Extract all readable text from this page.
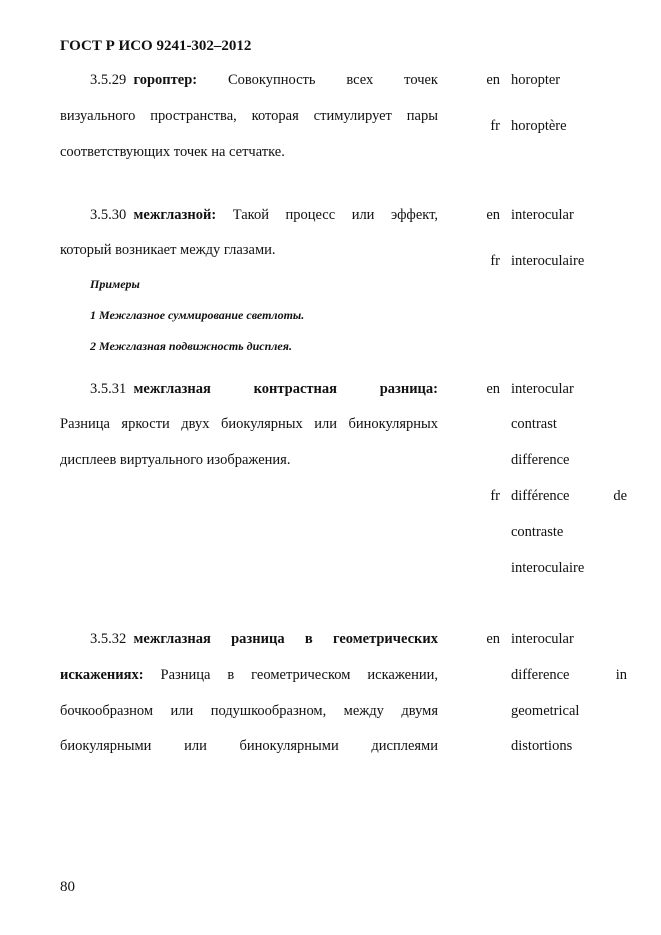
ГОСТ Р ИСО 9241-302–2012
3.5.29 гороптер: Совокупность всех точек
визуального пространства, которая стимулирует пары
соответствующих точек на сетчатке.
en horopter
fr horoptère
3.5.30 межглазной: Такой процесс или эффект,
который возникает между глазами.
Примеры
1 Межглазное суммирование светлоты.
2 Межглазная подвижность дисплея.
en interocular
fr interoculaire
3.5.31 межглазная	контрастная	разница:
Разница яркости двух биокулярных или бинокулярных
дисплеев виртуального изображения.
en interocular
contrast
difference
fr différence	de
contraste
interoculaire
3.5.32 межглазная разница в геометрических
искажениях: Разница в геометрическом искажении,
бочкообразном или подушкообразном, между двумя
биокулярными или бинокулярными дисплеями
en interocular
difference	in
geometrical
distortions
80
